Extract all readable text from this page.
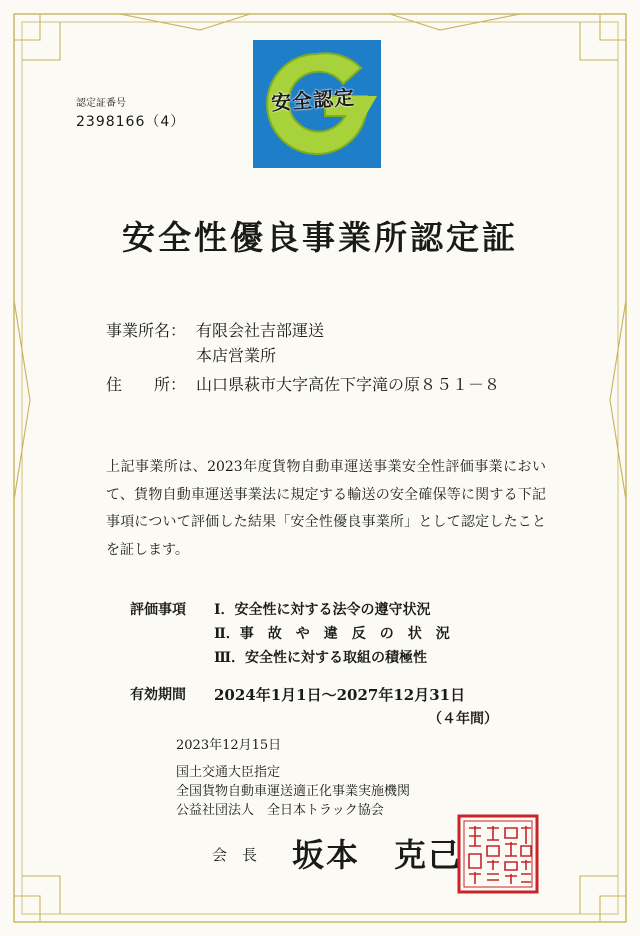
認定証番号
2398166（4）
安全認定
安全性優良事業所認定証
事業所名： 有限会社吉部運送
本店営業所
住　　所： 山口県萩市大字高佐下字滝の原８５１－８
上記事業所は、2023年度貨物自動車運送事業安全性評価事業において、貨物自動車運送事業法に規定する輸送の安全確保等に関する下記事項について評価した結果「安全性優良事業所」として認定したことを証します。
評価事項 Ⅰ．安全性に対する法令の遵守状況
Ⅱ．事　故　や　違　反　の　状　況
Ⅲ．安全性に対する取組の積極性
有効期間 2024年1月1日～2027年12月31日
（４年間）
2023年12月15日
国土交通大臣指定
全国貨物自動車運送適正化事業実施機関
公益社団法人　全日本トラック協会
会　長 坂本　克己
